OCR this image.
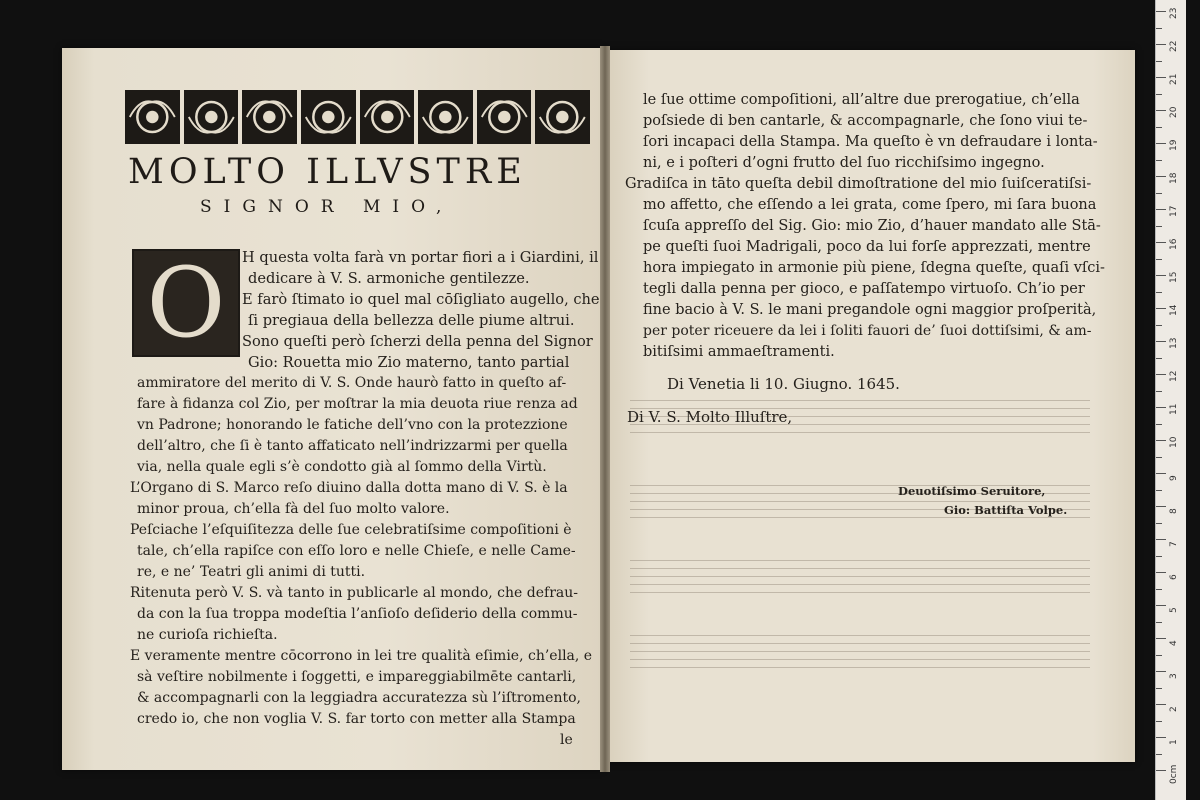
MOLTO ILLVSTRE
SIGNOR MIO,
O	H questa volta farà vn portar fiori a i Giardini, il
dedicare à V. S. armoniche gentilezze.
E farò ſtimato io quel mal cōſigliato augello, che
ſi pregiaua della bellezza delle piume altrui.
Sono queſti però ſcherzi della penna del Signor
Gio: Rouetta mio Zio materno, tanto partial
ammiratore del merito di V. S. Onde haurò fatto in queſto af-
fare à fidanza col Zio, per moſtrar la mia deuota riue renza ad
vn Padrone; honorando le fatiche dell’vno con la protezzione
dell’altro, che ſi è tanto affaticato nell’indrizzarmi per quella
via, nella quale egli s’è condotto già al ſommo della Virtù.
L’Organo di S. Marco reſo diuino dalla dotta mano di V. S. è la
minor proua, ch’ella fà del ſuo molto valore.
Peſciache l’eſquiſitezza delle ſue celebratiſsime compoſitioni è
tale, ch’ella rapiſce con eſſo loro e nelle Chieſe, e nelle Came-
re, e ne’ Teatri gli animi di tutti.
Ritenuta però V. S. và tanto in publicarle al mondo, che defrau-
da con la ſua troppa modeſtia l’anſioſo deſiderio della commu-
ne curioſa richieſta.
E veramente mentre cōcorrono in lei tre qualità eſimie, ch’ella, e
sà veſtire nobilmente i ſoggetti, e impareggiabilmēte cantarli,
& accompagnarli con la leggiadra accuratezza sù l’iſtromento,
credo io, che non voglia V. S. far torto con metter alla Stampa
le
le ſue ottime compoſitioni, all’altre due prerogatiue, ch’ella
poſsiede di ben cantarle, & accompagnarle, che ſono viui te-
ſori incapaci della Stampa. Ma queſto è vn defraudare i lonta-
ni, e i poſteri d’ogni frutto del ſuo ricchiſsimo ingegno.
Gradiſca in tāto queſta debil dimoſtratione del mio ſuiſceratiſsi-
mo affetto, che eſſendo a lei grata, come ſpero, mi ſara buona
ſcuſa appreſſo del Sig. Gio: mio Zio, d’hauer mandato alle Stā-
pe queſti ſuoi Madrigali, poco da lui forſe apprezzati, mentre
hora impiegato in armonie più piene, ſdegna queſte, quaſi vſci-
tegli dalla penna per gioco, e paſſatempo virtuoſo. Ch’io per
fine bacio à V. S. le mani pregandole ogni maggior proſperità,
per poter riceuere da lei i ſoliti fauori de’ ſuoi dottiſsimi, & am-
bitiſsimi ammaeſtramenti.
Di Venetia li 10. Giugno. 1645.
Di V. S. Molto Illuſtre,
Deuotiſsimo Seruitore,
Gio: Battiſta Volpe.
1
2
3
4
5
6
7
8
9
10
11
12
13
14
15
16
17
18
19
20
21
22
23
0cm
